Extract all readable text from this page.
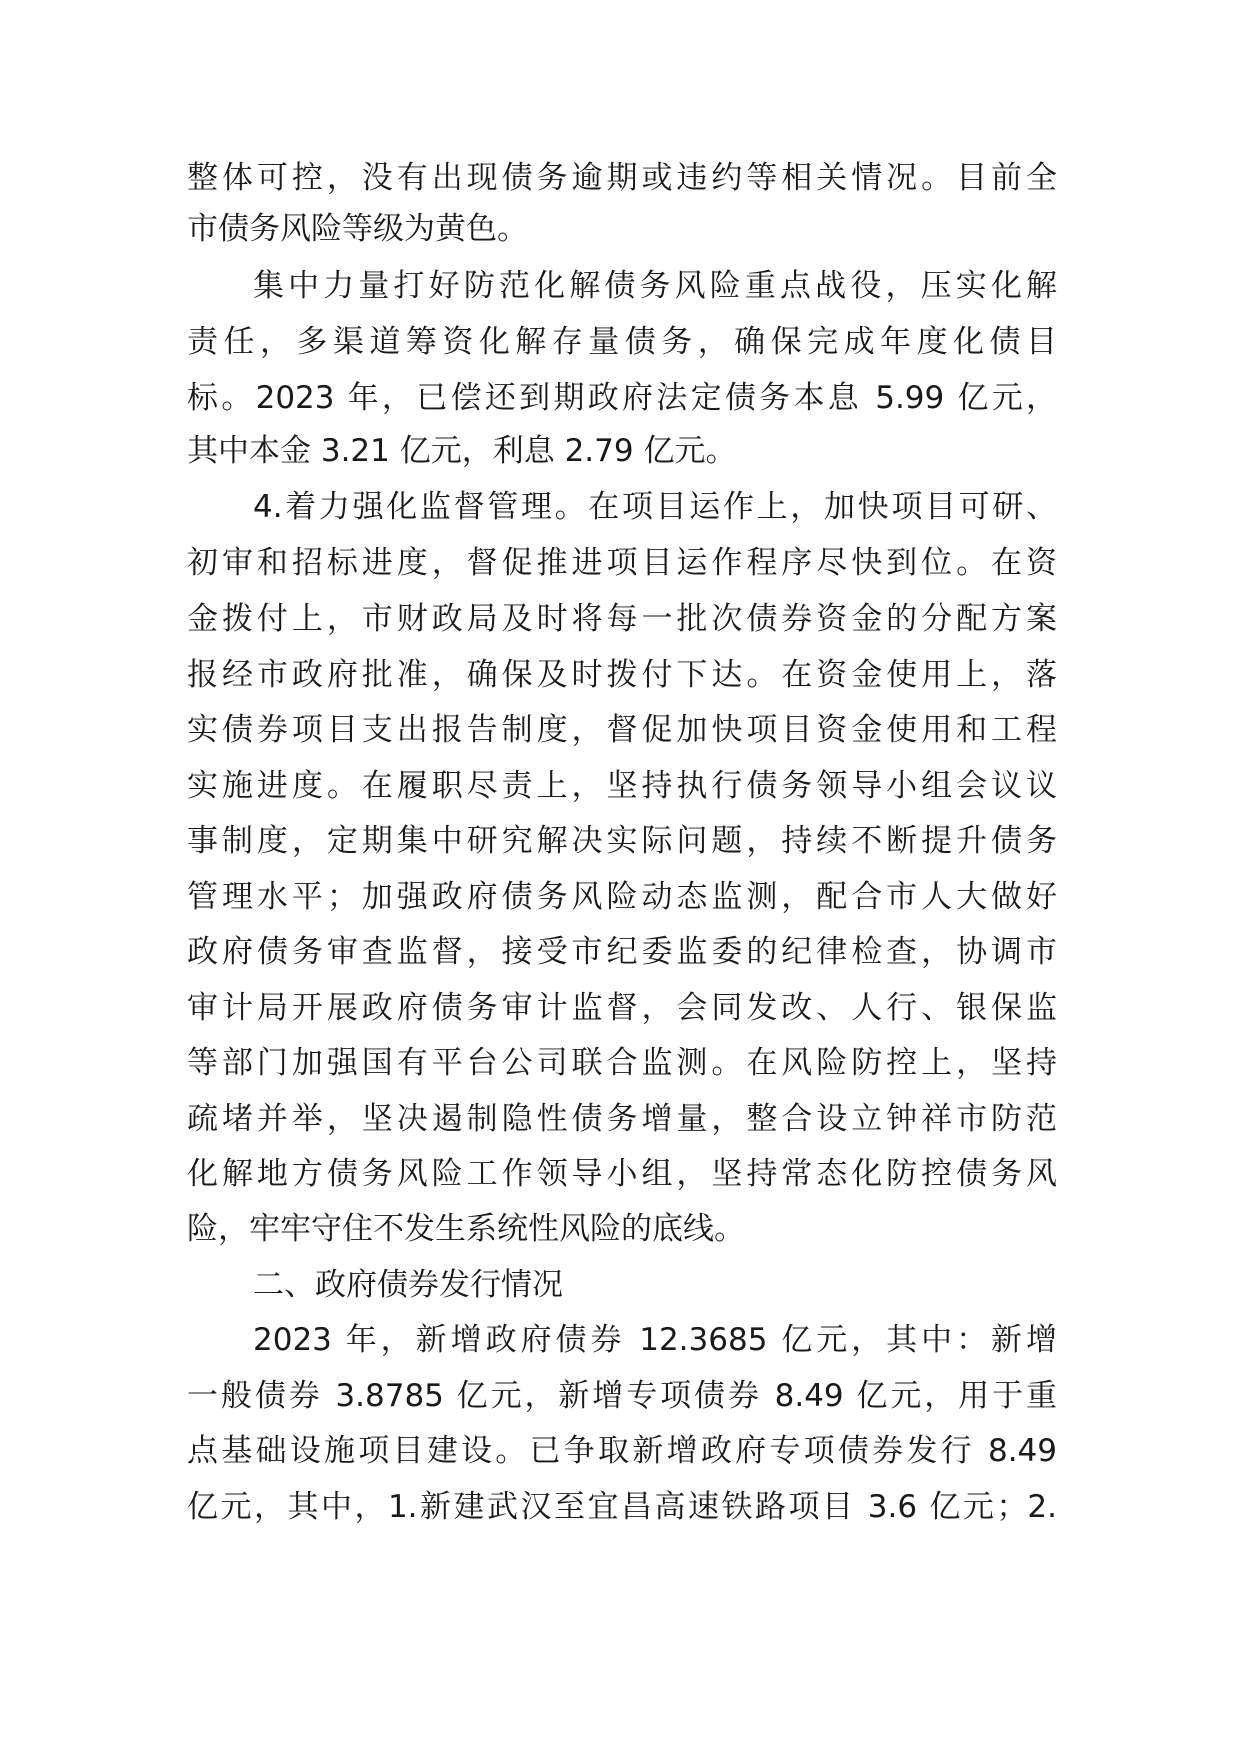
整体可控，没有出现债务逾期或违约等相关情况。目前全
市债务风险等级为黄色。
集中力量打好防范化解债务风险重点战役，压实化解
责任，多渠道筹资化解存量债务，确保完成年度化债目
标。2023 年，已偿还到期政府法定债务本息 5.99 亿元，
其中本金 3.21 亿元，利息 2.79 亿元。
4.着力强化监督管理。在项目运作上，加快项目可研、
初审和招标进度，督促推进项目运作程序尽快到位。在资
金拨付上，市财政局及时将每一批次债券资金的分配方案
报经市政府批准，确保及时拨付下达。在资金使用上，落
实债券项目支出报告制度，督促加快项目资金使用和工程
实施进度。在履职尽责上，坚持执行债务领导小组会议议
事制度，定期集中研究解决实际问题，持续不断提升债务
管理水平；加强政府债务风险动态监测，配合市人大做好
政府债务审查监督，接受市纪委监委的纪律检查，协调市
审计局开展政府债务审计监督，会同发改、人行、银保监
等部门加强国有平台公司联合监测。在风险防控上，坚持
疏堵并举，坚决遏制隐性债务增量，整合设立钟祥市防范
化解地方债务风险工作领导小组，坚持常态化防控债务风
险，牢牢守住不发生系统性风险的底线。
二、政府债券发行情况
2023 年，新增政府债券 12.3685 亿元，其中：新增
一般债券 3.8785 亿元，新增专项债券 8.49 亿元，用于重
点基础设施项目建设。已争取新增政府专项债券发行 8.49
亿元，其中，1.新建武汉至宜昌高速铁路项目 3.6 亿元；2.
